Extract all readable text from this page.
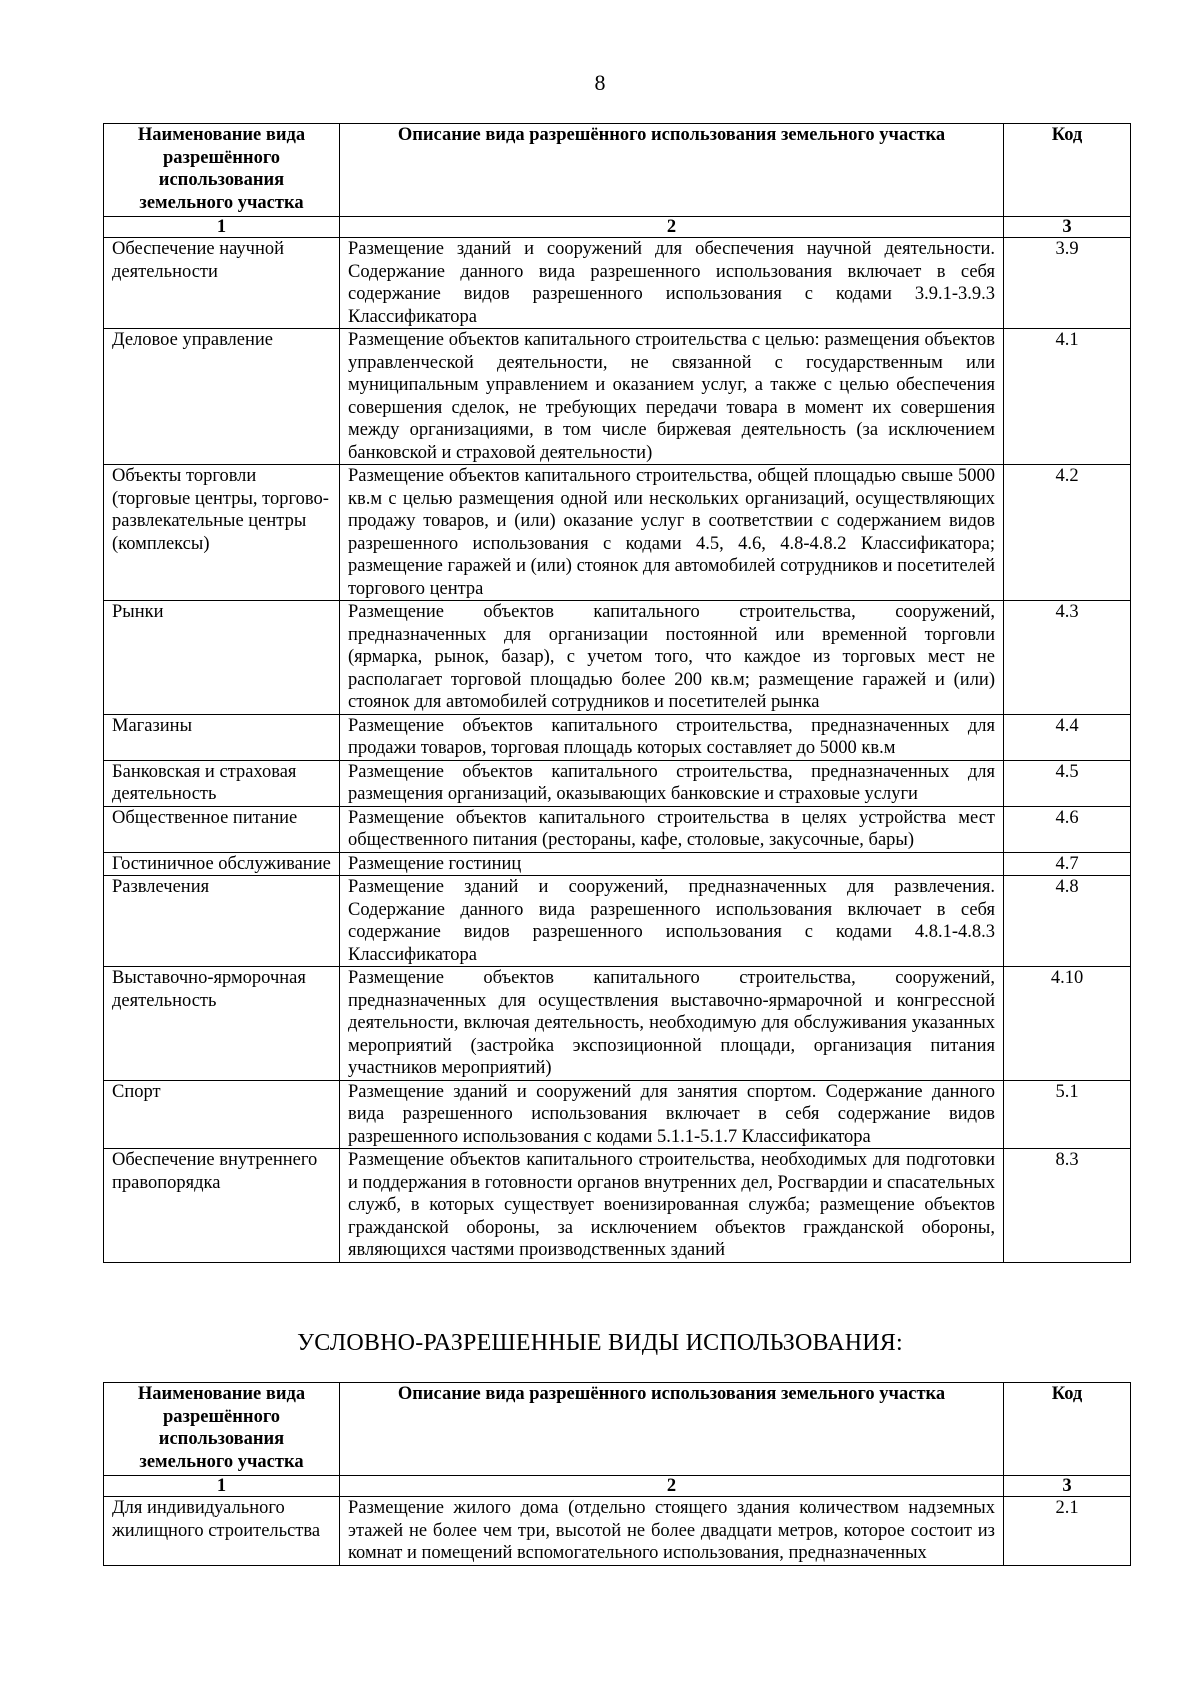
8
Наименование вида разрешённого использования земельного участка	Описание вида разрешённого использования земельного участка	Код
1	2	3
Обеспечение научной деятельности	Размещение зданий и сооружений для обеспечения научной деятельности. Содержание данного вида разрешенного использования включает в себя содержание видов разрешенного использования с кодами 3.9.1-3.9.3 Классификатора	3.9
Деловое управление	Размещение объектов капитального строительства с целью: размещения объектов управленческой деятельности, не связанной с государственным или муниципальным управлением и оказанием услуг, а также с целью обеспечения совершения сделок, не требующих передачи товара в момент их совершения между организациями, в том числе биржевая деятельность (за исключением банковской и страховой деятельности)	4.1
Объекты торговли (торговые центры, торгово-развлекательные центры (комплексы)	Размещение объектов капитального строительства, общей площадью свыше 5000 кв.м с целью размещения одной или нескольких организаций, осуществляющих продажу товаров, и (или) оказание услуг в соответствии с содержанием видов разрешенного использования с кодами 4.5, 4.6, 4.8-4.8.2 Классификатора; размещение гаражей и (или) стоянок для автомобилей сотрудников и посетителей торгового центра	4.2
Рынки	Размещение объектов капитального строительства, сооружений, предназначенных для организации постоянной или временной торговли (ярмарка, рынок, базар), с учетом того, что каждое из торговых мест не располагает торговой площадью более 200 кв.м; размещение гаражей и (или) стоянок для автомобилей сотрудников и посетителей рынка	4.3
Магазины	Размещение объектов капитального строительства, предназначенных для продажи товаров, торговая площадь которых составляет до 5000 кв.м	4.4
Банковская и страховая деятельность	Размещение объектов капитального строительства, предназначенных для размещения организаций, оказывающих банковские и страховые услуги	4.5
Общественное питание	Размещение объектов капитального строительства в целях устройства мест общественного питания (рестораны, кафе, столовые, закусочные, бары)	4.6
Гостиничное обслуживание	Размещение гостиниц	4.7
Развлечения	Размещение зданий и сооружений, предназначенных для развлечения. Содержание данного вида разрешенного использования включает в себя содержание видов разрешенного использования с кодами 4.8.1-4.8.3 Классификатора	4.8
Выставочно-ярморочная деятельность	Размещение объектов капитального строительства, сооружений, предназначенных для осуществления выставочно-ярмарочной и конгрессной деятельности, включая деятельность, необходимую для обслуживания указанных мероприятий (застройка экспозиционной площади, организация питания участников мероприятий)	4.10
Спорт	Размещение зданий и сооружений для занятия спортом. Содержание данного вида разрешенного использования включает в себя содержание видов разрешенного использования с кодами 5.1.1-5.1.7 Классификатора	5.1
Обеспечение внутреннего правопорядка	Размещение объектов капитального строительства, необходимых для подготовки и поддержания в готовности органов внутренних дел, Росгвардии и спасательных служб, в которых существует военизированная служба; размещение объектов гражданской обороны, за исключением объектов гражданской обороны, являющихся частями производственных зданий	8.3
УСЛОВНО-РАЗРЕШЕННЫЕ ВИДЫ ИСПОЛЬЗОВАНИЯ:
Наименование вида разрешённого использования земельного участка	Описание вида разрешённого использования земельного участка	Код
1	2	3
Для индивидуального жилищного строительства	Размещение жилого дома (отдельно стоящего здания количеством надземных этажей не более чем три, высотой не более двадцати метров, которое состоит из комнат и помещений вспомогательного использования, предназначенных	2.1
